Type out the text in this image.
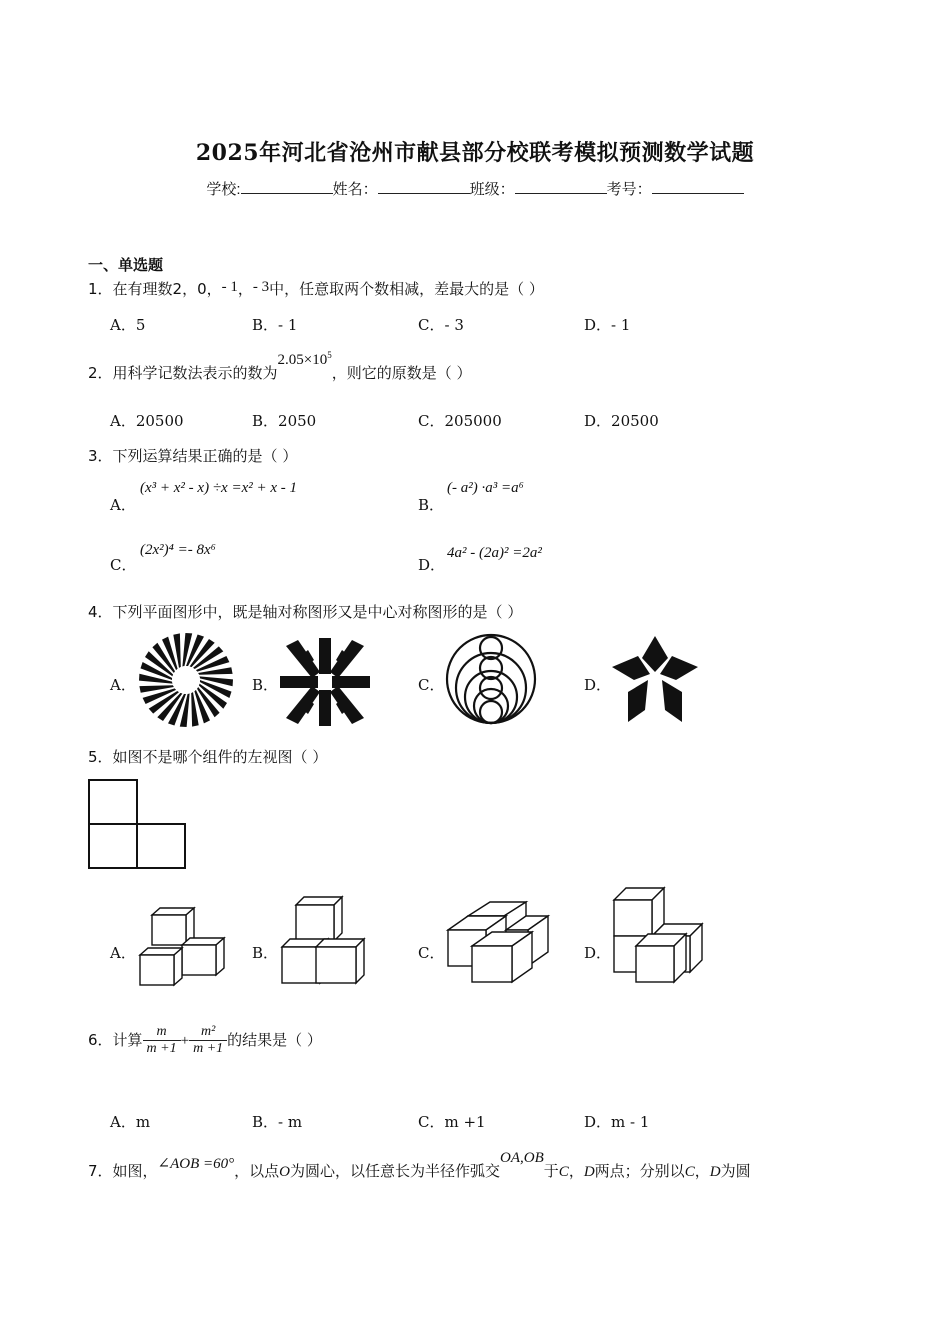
2025年河北省沧州市献县部分校联考模拟预测数学试题
学校:	姓名：	班级：	考号：
一、单选题
1．在有理数2，0，- 1，- 3中，任意取两个数相减，差最大的是（ ）
A．5	B．- 1	C．- 3	D．- 1
2．用科学记数法表示的数为$2.05\times 10^5$，则它的原数是（ ）
A．20500	B．2050	C．205000	D．20500
3．下列运算结果正确的是（ ）
A．
(x³ + x² - x) ÷x =x² + x - 1
B．
(- a²) ·a³ =a⁶
C．
(2x²)⁴ =- 8x⁶
D．
4a² - (2a)² =2a²
4．下列平面图形中，既是轴对称图形又是中心对称图形的是（ ）
A．	B．	C．	D．
5．如图不是哪个组件的左视图（ ）
A．	B．	C．	D．
6．计算 $\frac{m}{m +1} + \frac{\text{m²}}{m +1}$ 的结果是（ ）
A．m	B．- m	C．m +1	D．m - 1
7．如图，∠AOB =60°，以点O为圆心，以任意长为半径作弧交OA,OB于C，D两点；分别以C，D为圆
